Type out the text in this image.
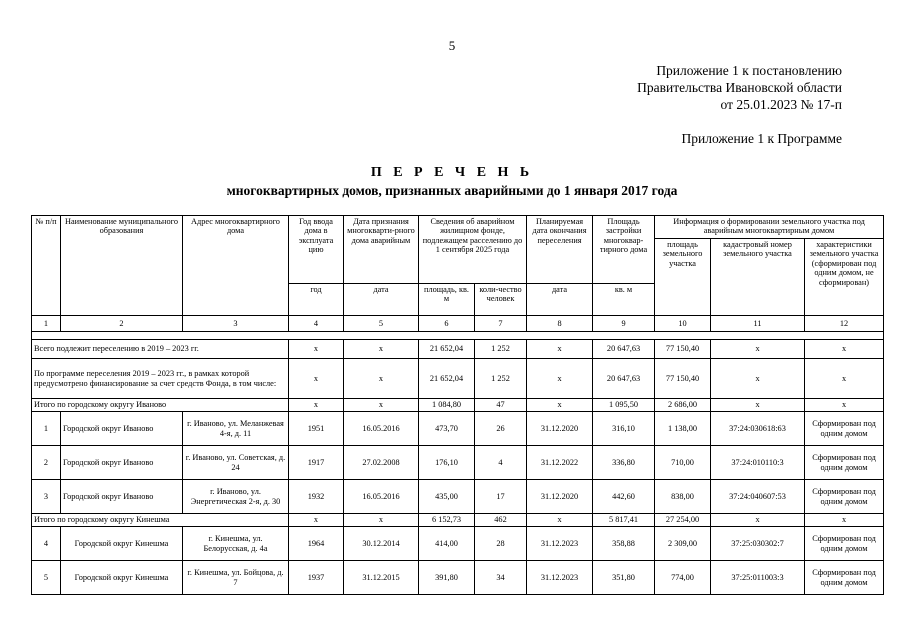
5
Приложение 1 к постановлению
Правительства Ивановской области
от 25.01.2023 № 17-п
Приложение 1 к Программе
П Е Р Е Ч Е Н Ь
многоквартирных домов, признанных аварийными до 1 января 2017 года
№ п/п	Наименование муниципального образования	Адрес многоквартирного дома	Год ввода дома в эксплуата цию	Дата признания многокварти-рного дома аварийным	Сведения об аварийном жилищном фонде, подлежащем расселению до 1 сентября 2025 года		Планируемая дата окончания переселения	Площадь застройки многоквар-тирного дома	Информация о формировании земельного участка под аварийным многоквартирным домом		
									площадь земельного участка	кадастровый номер земельного участка	характеристики земельного участка (сформирован под одним домом, не сформирован)
			год	дата	площадь, кв. м	коли-чество человек	дата	кв. м			
1	2	3	4	5	6	7	8	9	10	11	12

Всего подлежит переселению в 2019 – 2023 гг.			х	х	21 652,04	1 252	х	20 647,63	77 150,40	х	х
По программе переселения 2019 – 2023 гг., в рамках которой предусмотрено финансирование за счет средств Фонда, в том числе:			х	х	21 652,04	1 252	х	20 647,63	77 150,40	х	х
Итого по городскому округу Иваново			х	х	1 084,80	47	х	1 095,50	2 686,00	х	х
1	Городской округ Иваново	г. Иваново, ул. Меланжевая 4-я, д. 11	1951	16.05.2016	473,70	26	31.12.2020	316,10	1 138,00	37:24:030618:63	Сформирован под одним домом
2	Городской округ Иваново	г. Иваново, ул. Советская, д. 24	1917	27.02.2008	176,10	4	31.12.2022	336,80	710,00	37:24:010110:3	Сформирован под одним домом
3	Городской округ Иваново	г. Иваново, ул. Энергетическая 2-я, д. 30	1932	16.05.2016	435,00	17	31.12.2020	442,60	838,00	37:24:040607:53	Сформирован под одним домом
Итого по городскому округу Кинешма			х	х	6 152,73	462	х	5 817,41	27 254,00	х	х
4	Городской округ Кинешма	г. Кинешма, ул. Белорусская, д. 4а	1964	30.12.2014	414,00	28	31.12.2023	358,88	2 309,00	37:25:030302:7	Сформирован под одним домом
5	Городской округ Кинешма	г. Кинешма, ул. Бойцова, д. 7	1937	31.12.2015	391,80	34	31.12.2023	351,80	774,00	37:25:011003:3	Сформирован под одним домом
